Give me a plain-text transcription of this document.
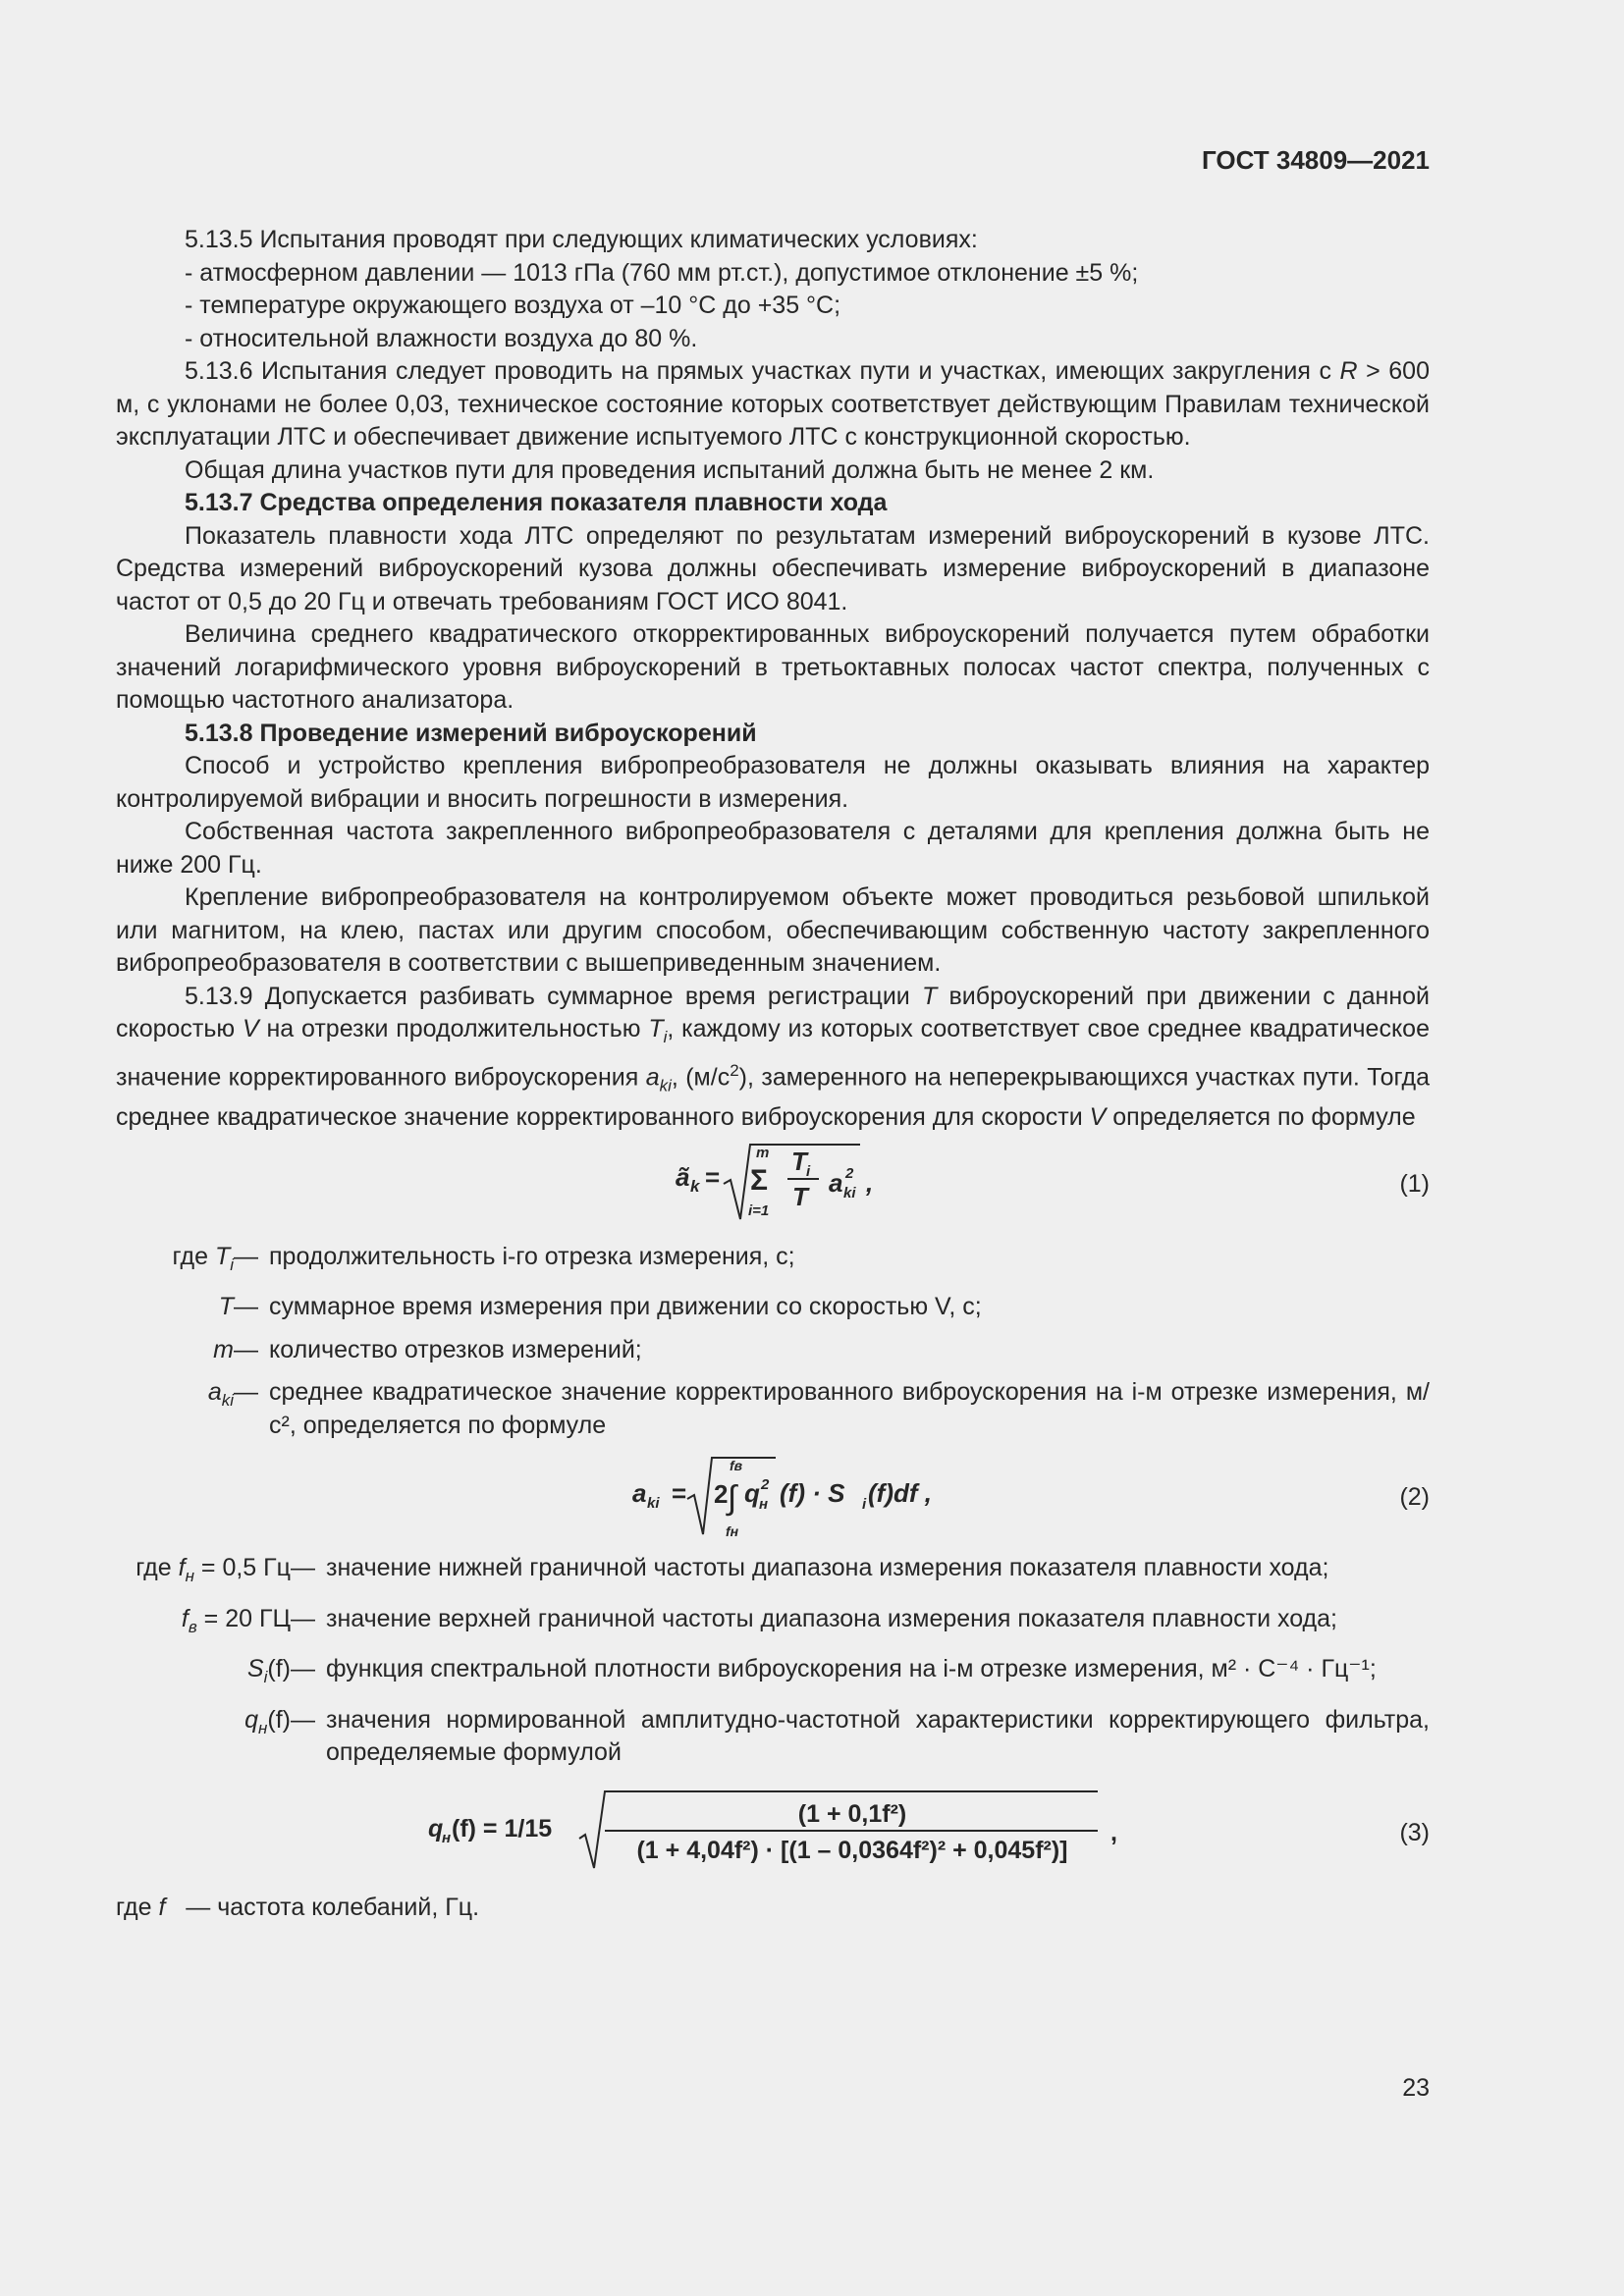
ГОСТ 34809—2021
5.13.5 Испытания проводят при следующих климатических условиях:
- атмосферном давлении — 1013 гПа (760 мм рт.ст.), допустимое отклонение ±5 %;
- температуре окружающего воздуха от –10 °С до +35 °С;
- относительной влажности воздуха до 80 %.
5.13.6 Испытания следует проводить на прямых участках пути и участках, имеющих закругления с R > 600 м, с уклонами не более 0,03, техническое состояние которых соответствует действующим Правилам технической эксплуатации ЛТС и обеспечивает движение испытуемого ЛТС с конструкционной скоростью.
Общая длина участков пути для проведения испытаний должна быть не менее 2 км.
5.13.7 Средства определения показателя плавности хода
Показатель плавности хода ЛТС определяют по результатам измерений виброускорений в кузове ЛТС. Средства измерений виброускорений кузова должны обеспечивать измерение виброускорений в диапазоне частот от 0,5 до 20 Гц и отвечать требованиям ГОСТ ИСО 8041.
Величина среднего квадратического откорректированных виброускорений получается путем обработки значений логарифмического уровня виброускорений в третьоктавных полосах частот спектра, полученных с помощью частотного анализатора.
5.13.8 Проведение измерений виброускорений
Способ и устройство крепления вибропреобразователя не должны оказывать влияния на характер контролируемой вибрации и вносить погрешности в измерения.
Собственная частота закрепленного вибропреобразователя с деталями для крепления должна быть не ниже 200 Гц.
Крепление вибропреобразователя на контролируемом объекте может проводиться резьбовой шпилькой или магнитом, на клею, пастах или другим способом, обеспечивающим собственную частоту закрепленного вибропреобразователя в соответствии с вышеприведенным значением.
5.13.9 Допускается разбивать суммарное время регистрации T виброускорений при движении с данной скоростью V на отрезки продолжительностью $T_i$, каждому из которых соответствует свое среднее квадратическое значение корректированного виброускорения $a_{ki}$, $(м/с^2)$, замеренного на неперекрывающихся участках пути. Тогда среднее квадратическое значение корректированного виброускорения для скорости V определяется по формуле
ã k =
m
Σ
i=1
T i
T a ki
2 ,	(1)
где $T_i$	—	продолжительность i-го отрезка измерения, с;
T	—	суммарное время измерения при движении со скоростью V, с;
m	—	количество отрезков измерений;
$a_{ki}$	—	среднее квадратическое значение корректированного виброускорения на i-м отрезке измерения, м/с², определяется по формуле
a ki = 2 ∫
fв
fн
q н
2 (f) · S i (f)df ,	(2)
где $f_н = 0,5$ Гц	—	значение нижней граничной частоты диапазона измерения показателя плавности хода;
$f_в = 20$ ГЦ	—	значение верхней граничной частоты диапазона измерения показателя плавности хода;
$S_i(f)$	—	функция спектральной плотности виброускорения на i-м отрезке измерения, м² · С⁻⁴ · Гц⁻¹;
$q_н(f)$	—	значения нормированной амплитудно-частотной характеристики корректирующего фильтра, определяемые формулой
q
н (f) = 1/15
(1 + 0,1f²)
(1 + 4,04f²) · [(1 – 0,0364f²)² + 0,045f²)]
,	(3)
где f   — частота колебаний, Гц.
23
